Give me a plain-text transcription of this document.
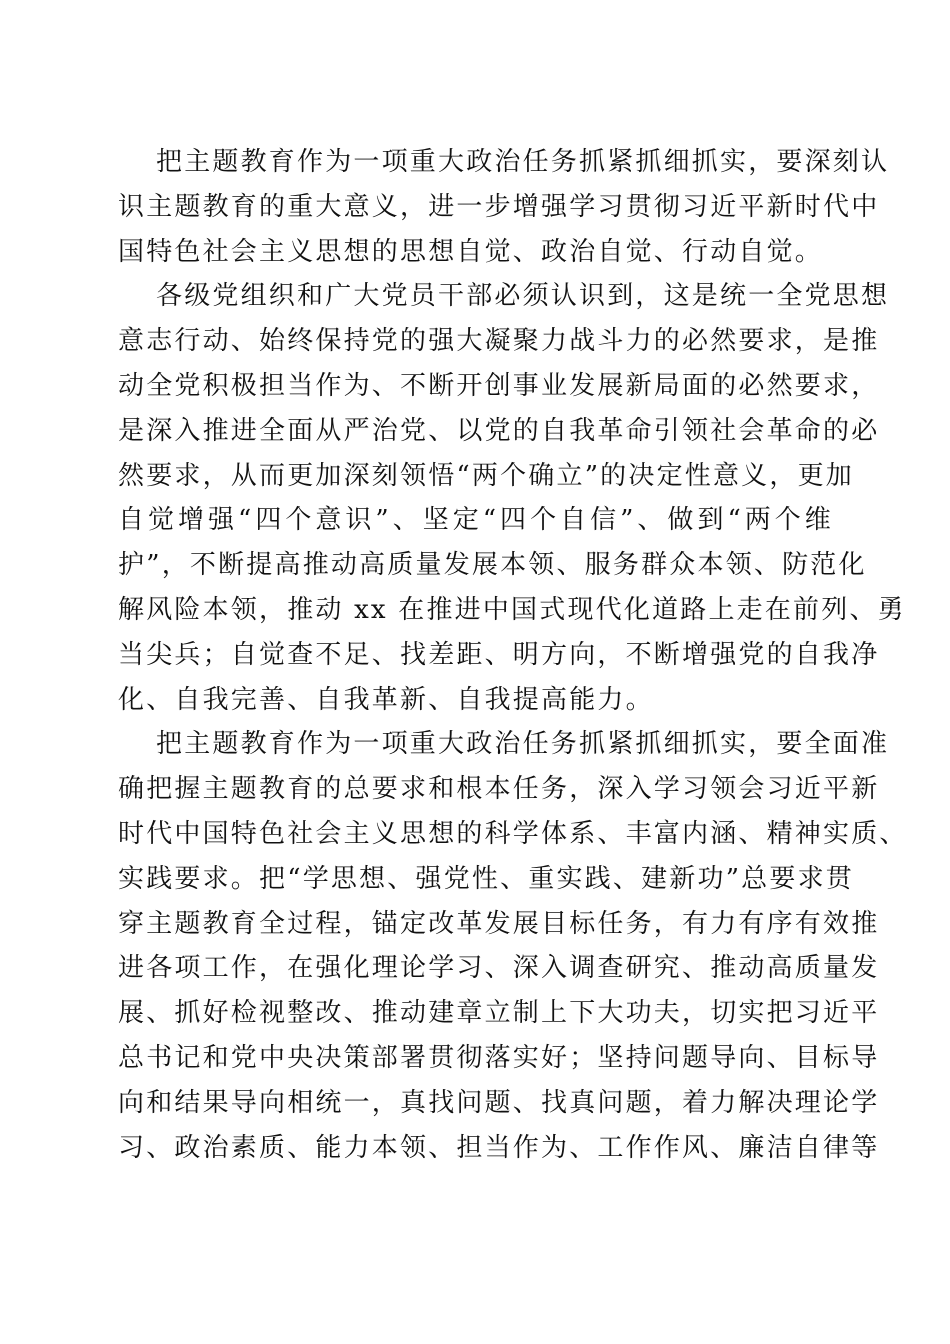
把主题教育作为一项重大政治任务抓紧抓细抓实，要深刻认
识主题教育的重大意义，进一步增强学习贯彻习近平新时代中
国特色社会主义思想的思想自觉、政治自觉、行动自觉。
各级党组织和广大党员干部必须认识到，这是统一全党思想
意志行动、始终保持党的强大凝聚力战斗力的必然要求，是推
动全党积极担当作为、不断开创事业发展新局面的必然要求，
是深入推进全面从严治党、以党的自我革命引领社会革命的必
然要求，从而更加深刻领悟“两个确立”的决定性意义，更加
自觉增强“四个意识”、坚定“四个自信”、做到“两个维
护”，不断提高推动高质量发展本领、服务群众本领、防范化
解风险本领，推动 xx 在推进中国式现代化道路上走在前列、勇
当尖兵；自觉查不足、找差距、明方向，不断增强党的自我净
化、自我完善、自我革新、自我提高能力。
把主题教育作为一项重大政治任务抓紧抓细抓实，要全面准
确把握主题教育的总要求和根本任务，深入学习领会习近平新
时代中国特色社会主义思想的科学体系、丰富内涵、精神实质、
实践要求。把“学思想、强党性、重实践、建新功”总要求贯
穿主题教育全过程，锚定改革发展目标任务，有力有序有效推
进各项工作，在强化理论学习、深入调查研究、推动高质量发
展、抓好检视整改、推动建章立制上下大功夫，切实把习近平
总书记和党中央决策部署贯彻落实好；坚持问题导向、目标导
向和结果导向相统一，真找问题、找真问题，着力解决理论学
习、政治素质、能力本领、担当作为、工作作风、廉洁自律等
